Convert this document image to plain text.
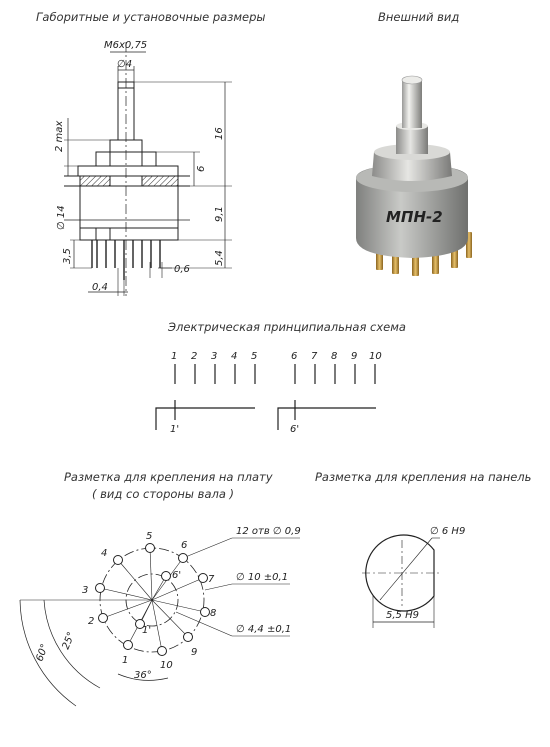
Габоритные и установочные размеры	Внешний вид
Электрическая принципиальная схема
Разметка для крепления на плату
( вид со стороны вала )
Разметка для крепления на панель
M6x0,75
∅4
2 max	16
6
∅ 14	9,1
3,5	5,4
0,6
0,4
МПН-2
1 2 3 4 5	6 7 8 9 10
1'	6'
1
2
3
4
5
6
7
8
9
10
1'
6'
12 отв ∅ 0,9
∅ 10 ±0,1
∅ 4,4 ±0,1
60°
25°
36°
∅ 6 H9
5,5 H9
